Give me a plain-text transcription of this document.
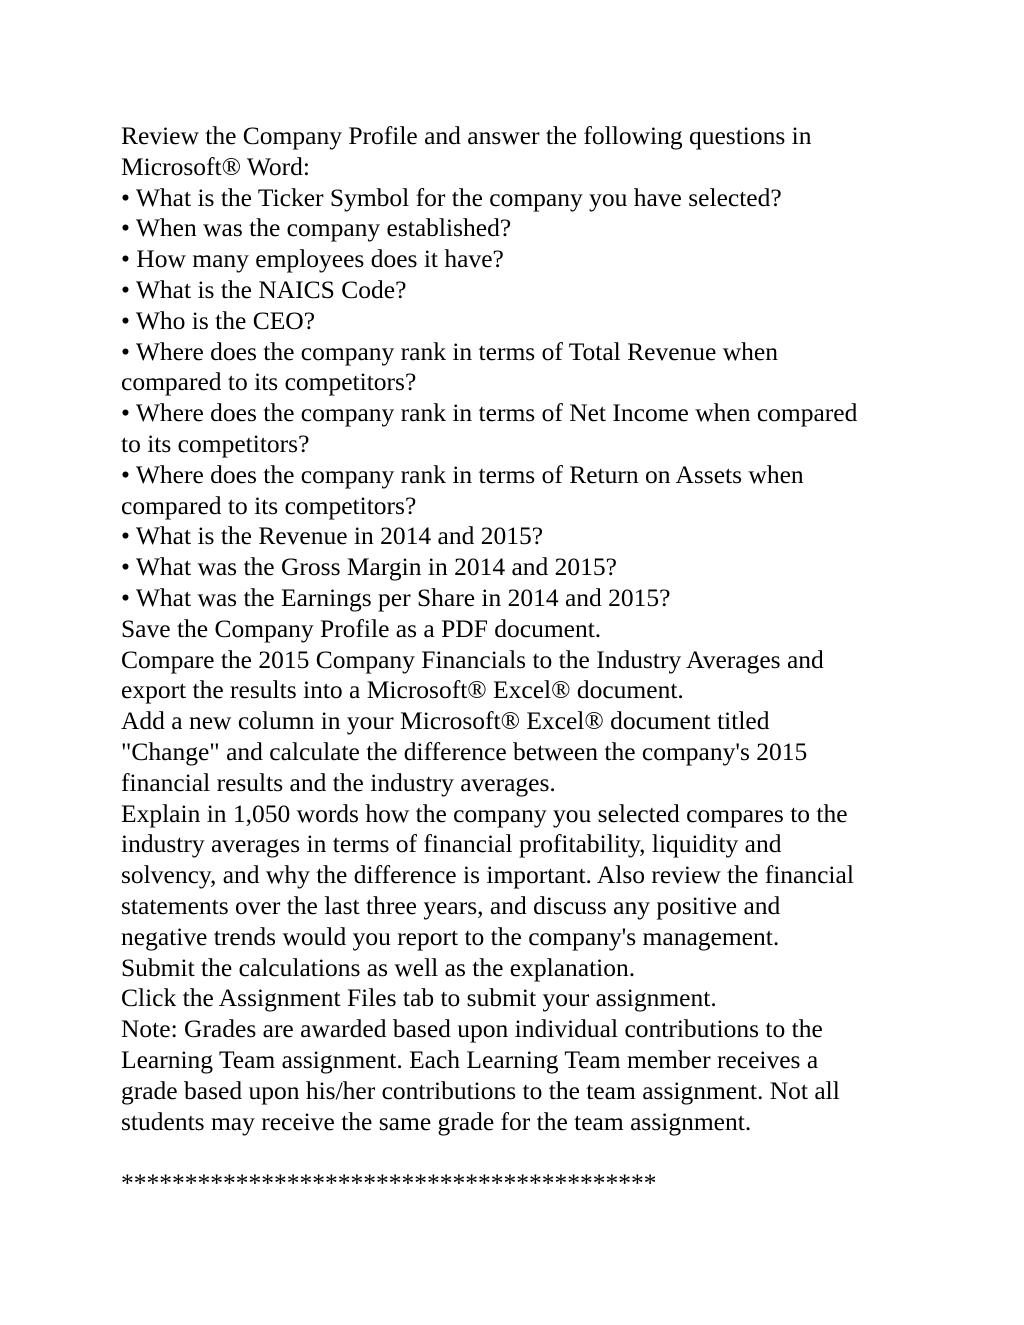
Review the Company Profile and answer the following questions in
Microsoft® Word:
• What is the Ticker Symbol for the company you have selected?
• When was the company established?
• How many employees does it have?
• What is the NAICS Code?
• Who is the CEO?
• Where does the company rank in terms of Total Revenue when
compared to its competitors?
• Where does the company rank in terms of Net Income when compared
to its competitors?
• Where does the company rank in terms of Return on Assets when
compared to its competitors?
• What is the Revenue in 2014 and 2015?
• What was the Gross Margin in 2014 and 2015?
• What was the Earnings per Share in 2014 and 2015?
Save the Company Profile as a PDF document.
Compare the 2015 Company Financials to the Industry Averages and
export the results into a Microsoft® Excel® document.
Add a new column in your Microsoft® Excel® document titled
"Change" and calculate the difference between the company's 2015
financial results and the industry averages.
Explain in 1,050 words how the company you selected compares to the
industry averages in terms of financial profitability, liquidity and
solvency, and why the difference is important. Also review the financial
statements over the last three years, and discuss any positive and
negative trends would you report to the company's management.
Submit the calculations as well as the explanation.
Click the Assignment Files tab to submit your assignment.
Note: Grades are awarded based upon individual contributions to the
Learning Team assignment. Each Learning Team member receives a
grade based upon his/her contributions to the team assignment. Not all
students may receive the same grade for the team assignment.
******************************************
